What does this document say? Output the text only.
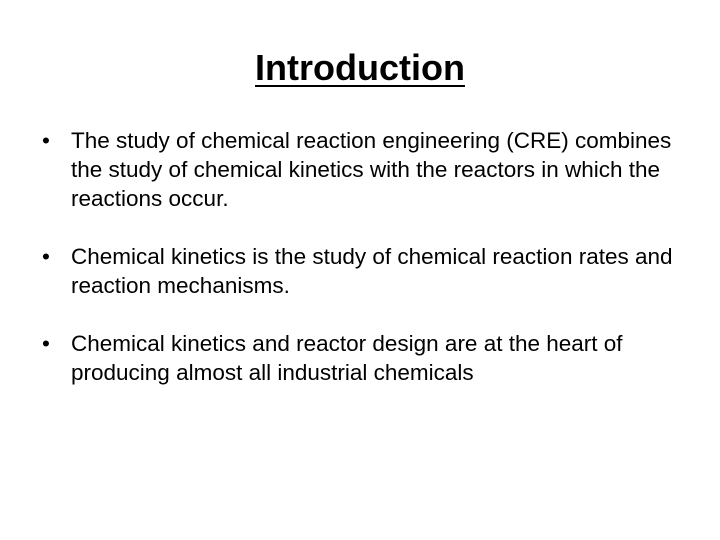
Introduction
• The study of chemical reaction engineering (CRE) combines the study of chemical kinetics with the reactors in which the reactions occur.
• Chemical kinetics is the study of chemical reaction rates and reaction mechanisms.
• Chemical kinetics and reactor design are at the heart of producing almost all industrial chemicals
